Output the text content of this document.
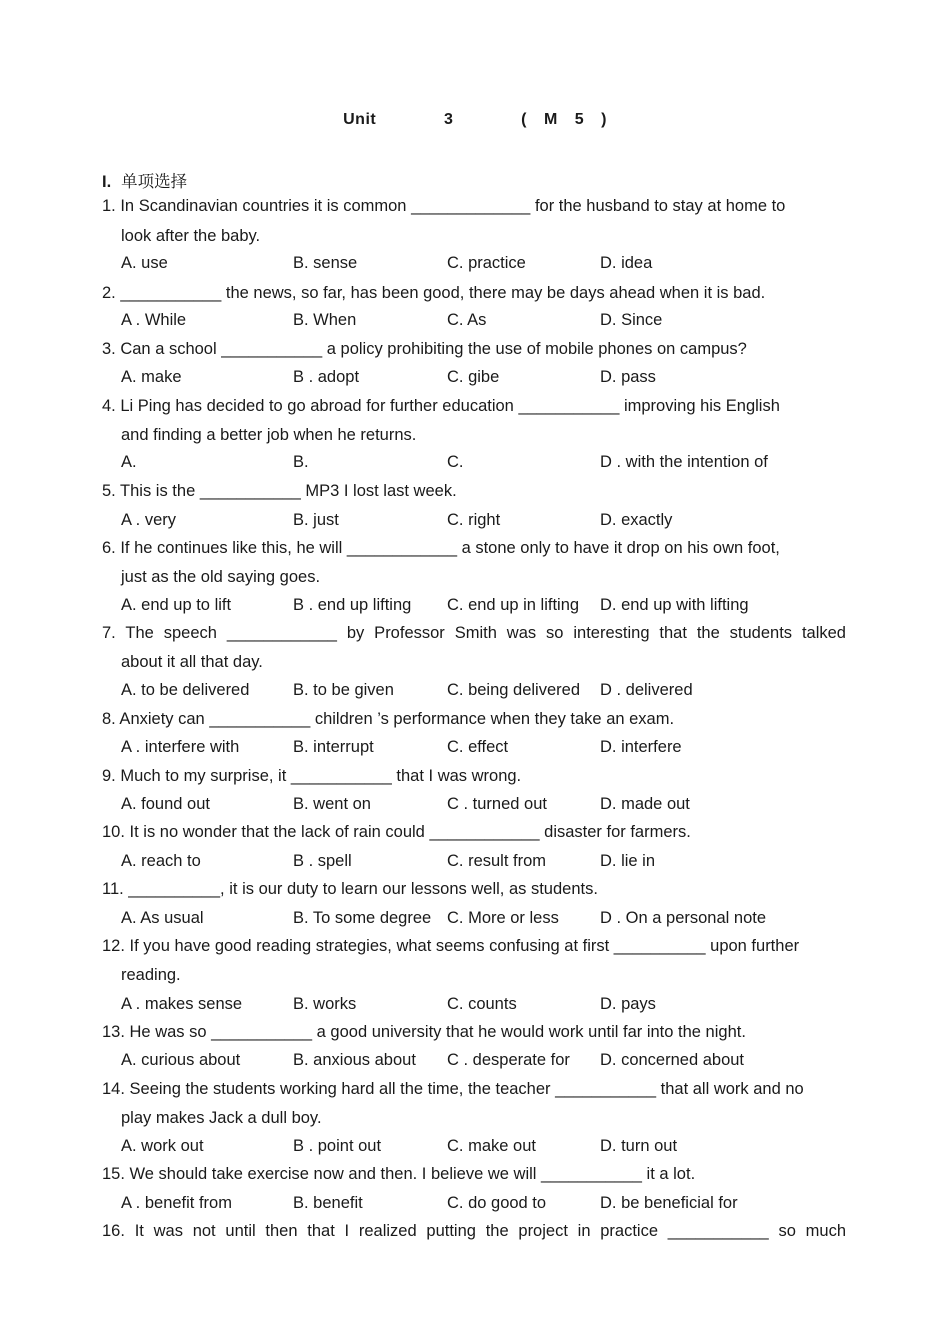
Unit    3    ( M 5 )
I. 单项选择
1. In Scandinavian countries it is common _____________ for the husband to stay at home to
look after the baby.
A. use	B. sense	C. practice	D. idea
2. ___________ the news, so far, has been good, there may be days ahead when it is bad.
A . While	B. When	C. As	D. Since
3. Can a school ___________ a policy prohibiting the use of mobile phones on campus?
A. make	B . adopt	C. gibe	D. pass
4. Li Ping has decided to go abroad for further education ___________ improving his English
and finding a better job when he returns.
A.	B.	C.	D . with the intention of
5. This is the ___________ MP3 I lost last week.
A . very	B. just	C. right	D. exactly
6. If he continues like this, he will ____________ a stone only to have it drop on his own foot,
just as the old saying goes.
A. end up to lift	B . end up lifting C. end up in lifting D. end up with lifting
7. The speech ____________ by Professor Smith was so interesting that the students talked
about it all that day.
A. to be delivered	B. to be given	C. being delivered D . delivered
8. Anxiety can ___________ children ’s performance when they take an exam.
A . interfere with	B. interrupt	C. effect	D. interfere
9. Much to my surprise, it ___________ that I was wrong.
A. found out	B. went on	C . turned out	D. made out
10. It is no wonder that the lack of rain could ____________ disaster for farmers.
A. reach to	B . spell	C. result from	D. lie in
11. __________, it is our duty to learn our lessons well, as students.
A. As usual	B. To some degree C. More or less D . On a personal note
12. If you have good reading strategies, what seems confusing at first __________ upon further
reading.
A . makes sense	B. works	C. counts	D. pays
13. He was so ___________ a good university that he would work until far into the night.
A. curious about	B. anxious about C . desperate for D. concerned about
14. Seeing the students working hard all the time, the teacher ___________ that all work and no
play makes Jack a dull boy.
A. work out	B . point out	C. make out	D. turn out
15. We should take exercise now and then. I believe we will ___________ it a lot.
A . benefit from	B. benefit	C. do good to	D. be beneficial for
16. It was not until then that I realized putting the project in practice ___________ so much
